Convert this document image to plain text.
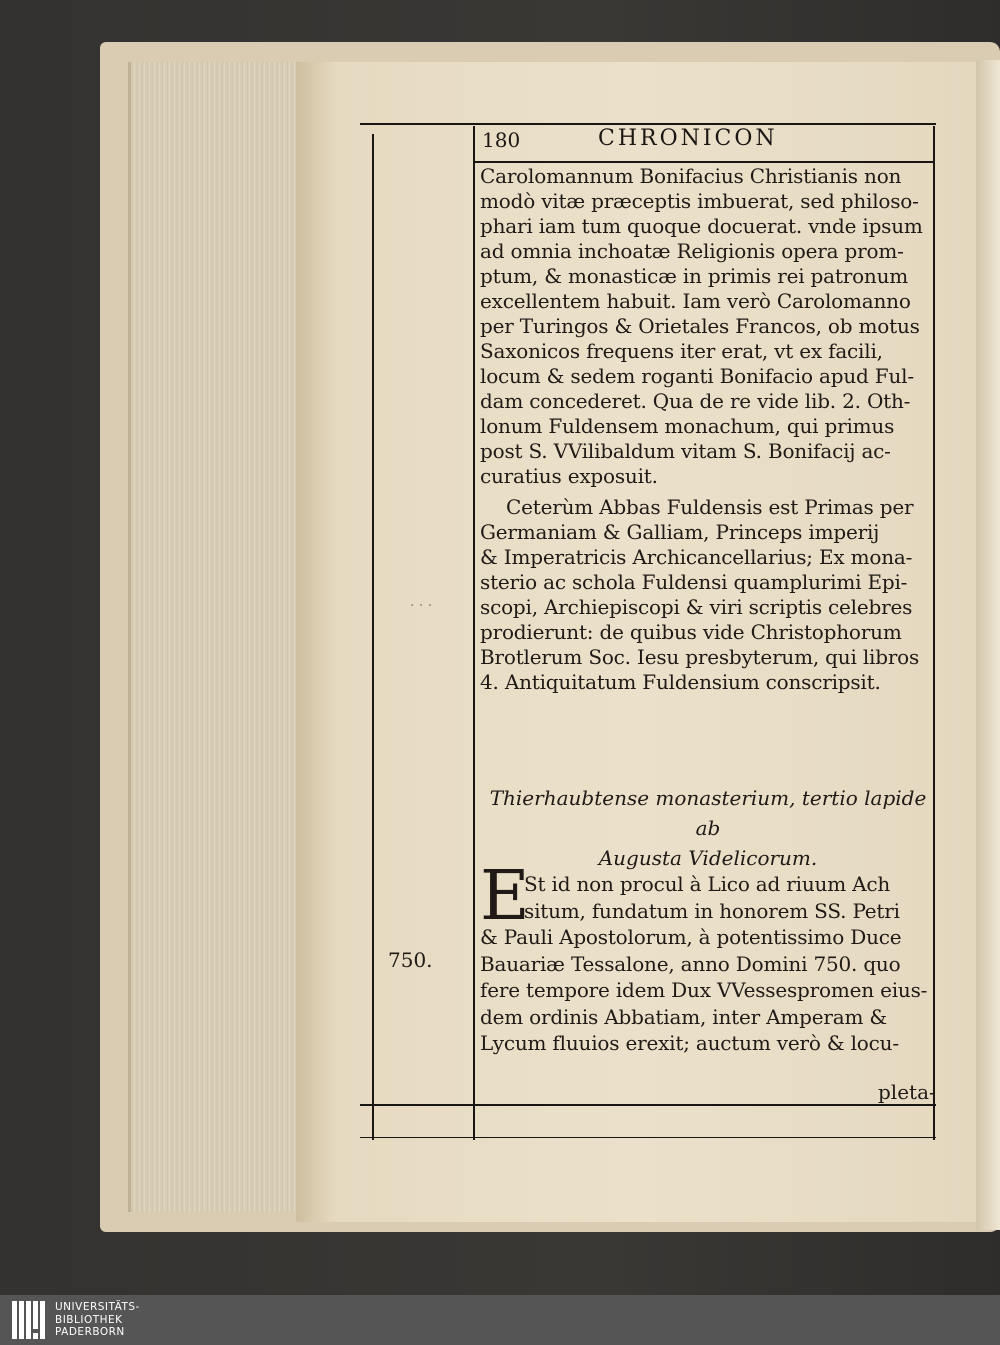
180	CHRONICON
· ‧ ·
Carolomannum Bonifacius Christianis non
modò vitæ præceptis imbuerat, sed philoso-
phari iam tum quoque docuerat. vnde ipsum
ad omnia inchoatæ Religionis opera prom-
ptum, & monasticæ in primis rei patronum
excellentem habuit. Iam verò Carolomanno
per Turingos & Orietales Francos, ob motus
Saxonicos frequens iter erat, vt ex facili,
locum & sedem roganti Bonifacio apud Ful-
dam concederet. Qua de re vide lib. 2. Oth-
lonum Fuldensem monachum, qui primus
post S. VVilibaldum vitam S. Bonifacij ac-
curatius exposuit.
Ceterùm Abbas Fuldensis est Primas per
Germaniam & Galliam, Princeps imperij
& Imperatricis Archicancellarius; Ex mona-
sterio ac schola Fuldensi quamplurimi Epi-
scopi, Archiepiscopi & viri scriptis celebres
prodierunt: de quibus vide Christophorum
Brotlerum Soc. Iesu presbyterum, qui libros
4. Antiquitatum Fuldensium conscripsit.
Thierhaubtense monasterium, tertio lapide ab
Augusta Videlicorum.
E
St id non procul à Lico ad riuum Ach
situm, fundatum in honorem SS. Petri
& Pauli Apostolorum, à potentissimo Duce
Bauariæ Tessalone, anno Domini 750. quo
fere tempore idem Dux VVessespromen eius-
dem ordinis Abbatiam, inter Amperam &
Lycum fluuios erexit; auctum verò & locu-
750.
pleta-
UNIVERSITÄTS-
BIBLIOTHEK
PADERBORN
